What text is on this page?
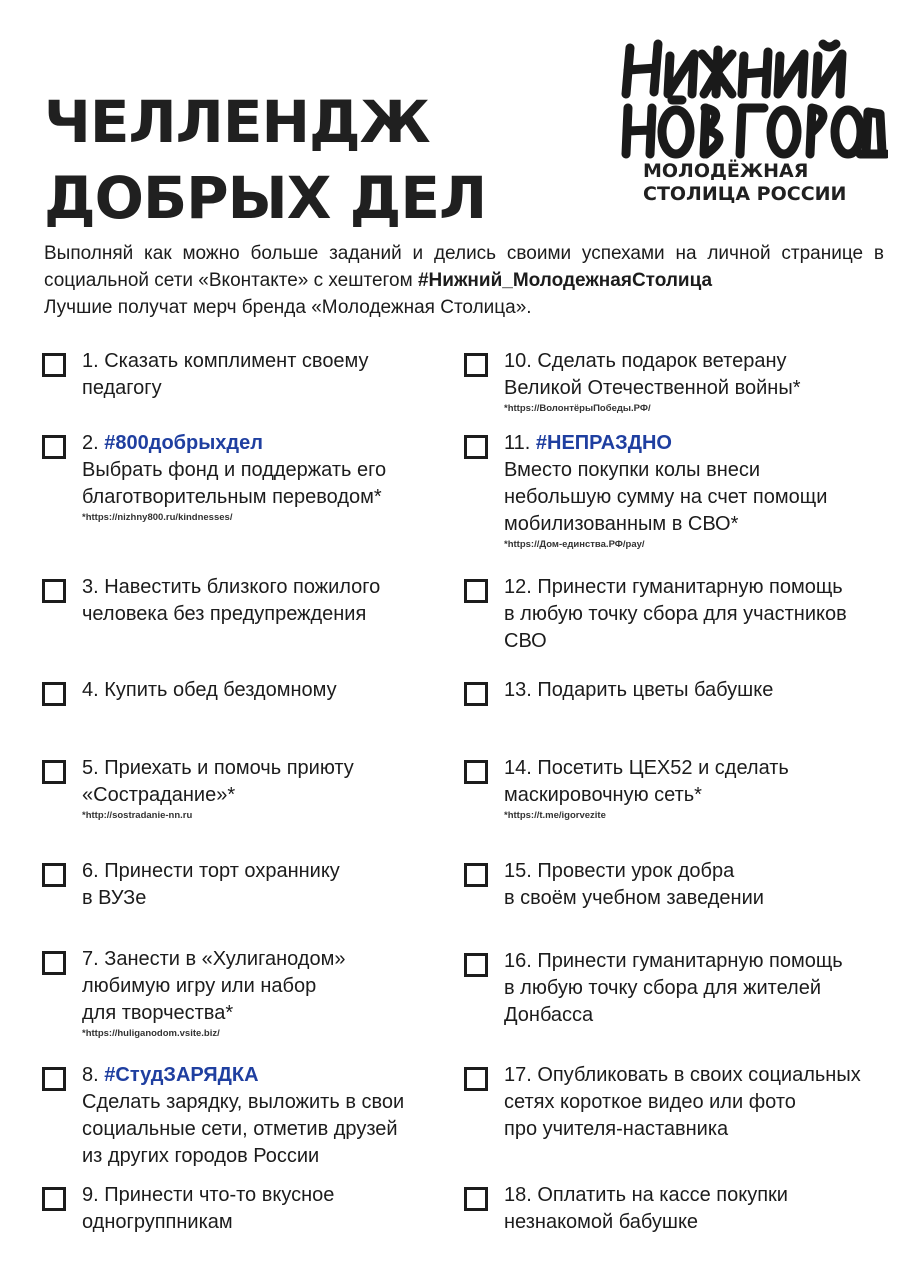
ЧЕЛЛЕНДЖ
ДОБРЫХ ДЕЛ	МОЛОДЁЖНАЯ
СТОЛИЦА РОССИИ
Выполняй как можно больше заданий и делись своими успехами на личной странице в социальной сети «Вконтакте» с хештегом #Нижний_МолодежнаяСтолица
Лучшие получат мерч бренда «Молодежная Столица».
1. Сказать комплимент своему
педагогу
2. #800добрыхдел
Выбрать фонд и поддержать его
благотворительным переводом*
*https://nizhny800.ru/kindnesses/
3. Навестить близкого пожилого
человека без предупреждения
4. Купить обед бездомному
5. Приехать и помочь приюту
«Сострадание»*
*http://sostradanie-nn.ru
6. Принести торт охраннику
в ВУЗе
7. Занести в «Хулиганодом»
любимую игру или набор
для творчества*
*https://huliganodom.vsite.biz/
8. #СтудЗАРЯДКА
Сделать зарядку, выложить в свои
социальные сети, отметив друзей
из других городов России
9. Принести что-то вкусное
одногруппникам
10. Сделать подарок ветерану
Великой Отечественной войны*
*https://ВолонтёрыПобеды.РФ/
11. #НЕПРАЗДНО
Вместо покупки колы внеси
небольшую сумму на счет помощи
мобилизованным в СВО*
*https://Дом-единства.РФ/pay/
12. Принести гуманитарную помощь
в любую точку сбора для участников
СВО
13. Подарить цветы бабушке
14. Посетить ЦЕХ52 и сделать
маскировочную сеть*
*https://t.me/igorvezite
15. Провести урок добра
в своём учебном заведении
16. Принести гуманитарную помощь
в любую точку сбора для жителей
Донбасса
17. Опубликовать в своих социальных
сетях короткое видео или фото
про учителя-наставника
18. Оплатить на кассе покупки
незнакомой бабушке
